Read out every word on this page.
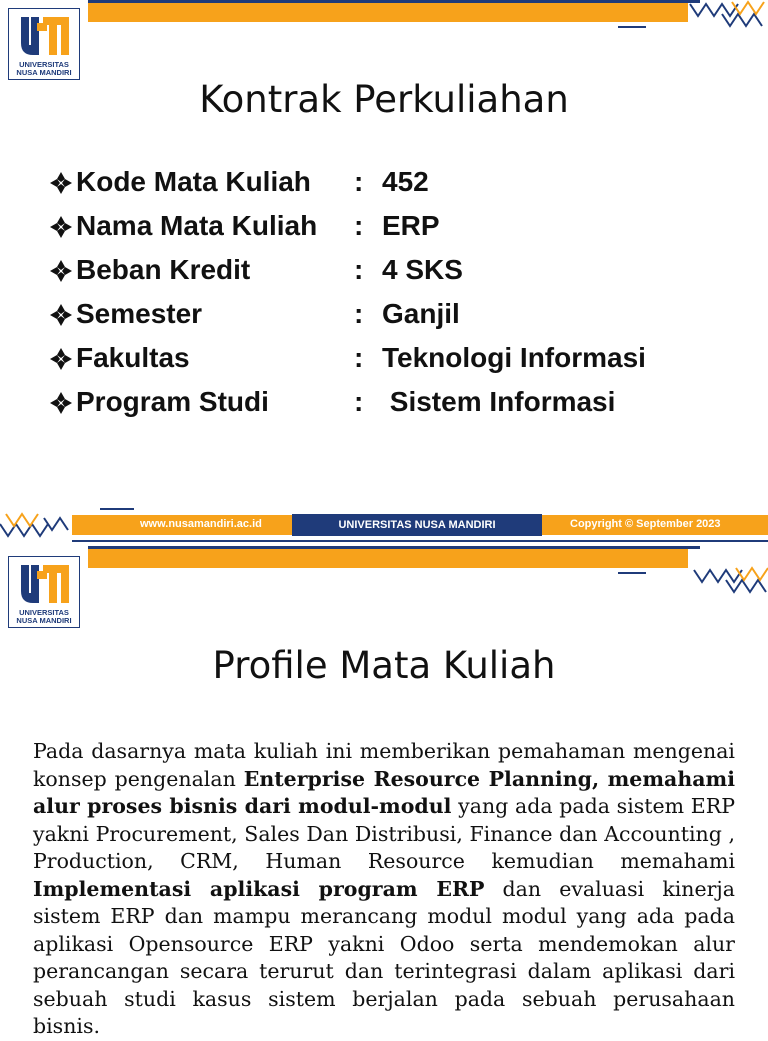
UNIVERSITAS
NUSA MANDIRI
Kontrak Perkuliahan
Kode Mata Kuliah : 452
Nama Mata Kuliah : ERP
Beban Kredit	: 4 SKS
Semester	: Ganjil
Fakultas	: Teknologi Informasi
Program Studi	: Sistem Informasi
www.nusamandiri.ac.id	UNIVERSITAS NUSA MANDIRI	Copyright © September 2023
UNIVERSITAS
NUSA MANDIRI
Profile Mata Kuliah
Pada dasarnya mata kuliah ini memberikan pemahaman mengenai konsep pengenalan Enterprise Resource Planning, memahami alur proses bisnis dari modul-modul yang ada pada sistem ERP yakni Procurement, Sales Dan Distribusi, Finance dan Accounting , Production, CRM, Human Resource kemudian memahami Implementasi aplikasi program ERP dan evaluasi kinerja sistem ERP dan mampu merancang modul modul yang ada pada aplikasi Opensource ERP yakni Odoo serta mendemokan alur perancangan secara terurut dan terintegrasi dalam aplikasi dari sebuah studi kasus sistem berjalan pada sebuah perusahaan bisnis.
